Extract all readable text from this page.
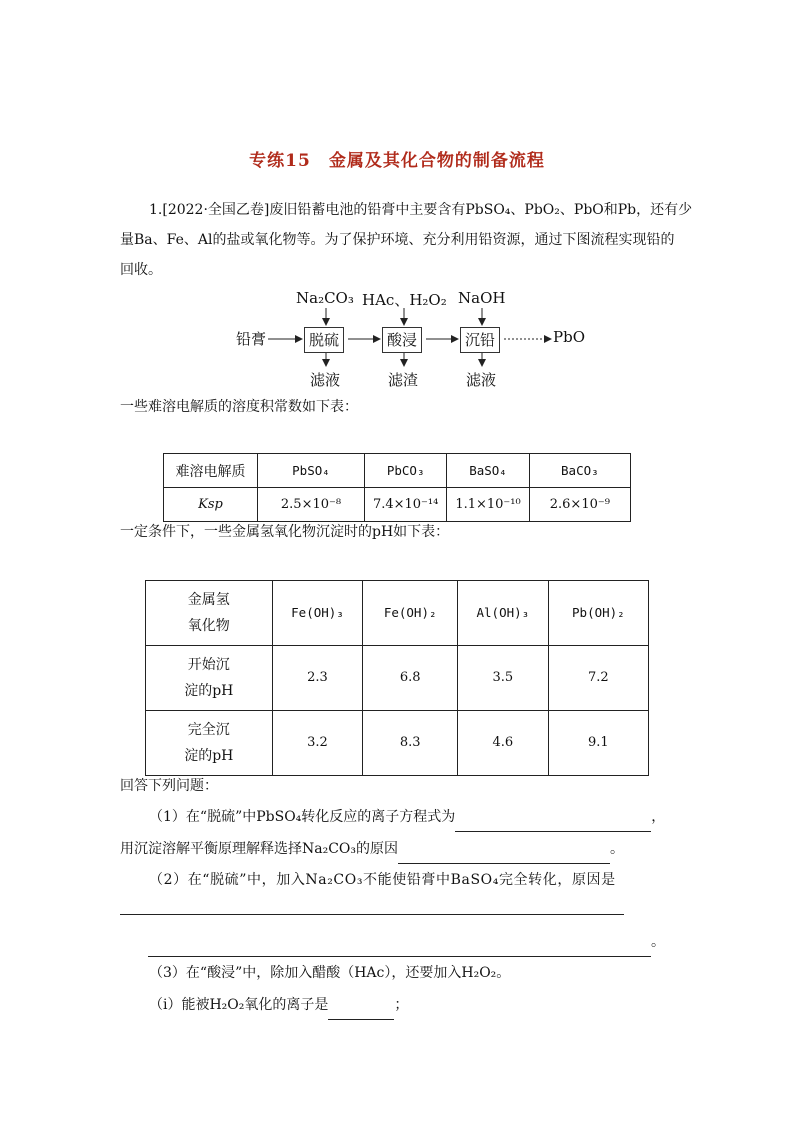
专练15　金属及其化合物的制备流程
1.[2022·全国乙卷]废旧铅蓄电池的铅膏中主要含有PbSO₄、PbO₂、PbO和Pb，还有少
量Ba、Fe、Al的盐或氧化物等。为了保护环境、充分利用铅资源，通过下图流程实现铅的
回收。
Na₂CO₃ HAc、H₂O₂ NaOH
铅膏	脱硫	酸浸	沉铅	PbO
滤液	滤渣	滤液
一些难溶电解质的溶度积常数如下表：
难溶电解质	PbSO₄	PbCO₃	BaSO₄	BaCO₃
Ksp	2.5×10⁻⁸	7.4×10⁻¹⁴	1.1×10⁻¹⁰	2.6×10⁻⁹
一定条件下，一些金属氢氧化物沉淀时的pH如下表：
金属氢
氧化物	Fe(OH)₃	Fe(OH)₂	Al(OH)₃	Pb(OH)₂

开始沉
淀的pH	2.3	6.8	3.5	7.2

完全沉
淀的pH	3.2	8.3	4.6	9.1
回答下列问题：
（1）在“脱硫”中PbSO₄转化反应的离子方程式为	，
用沉淀溶解平衡原理解释选择Na₂CO₃的原因	。
（2）在“脱硫”中，加入Na₂CO₃不能使铅膏中BaSO₄完全转化，原因是
。
（3）在“酸浸”中，除加入醋酸（HAc），还要加入H₂O₂。
（ⅰ）能被H₂O₂氧化的离子是	；
